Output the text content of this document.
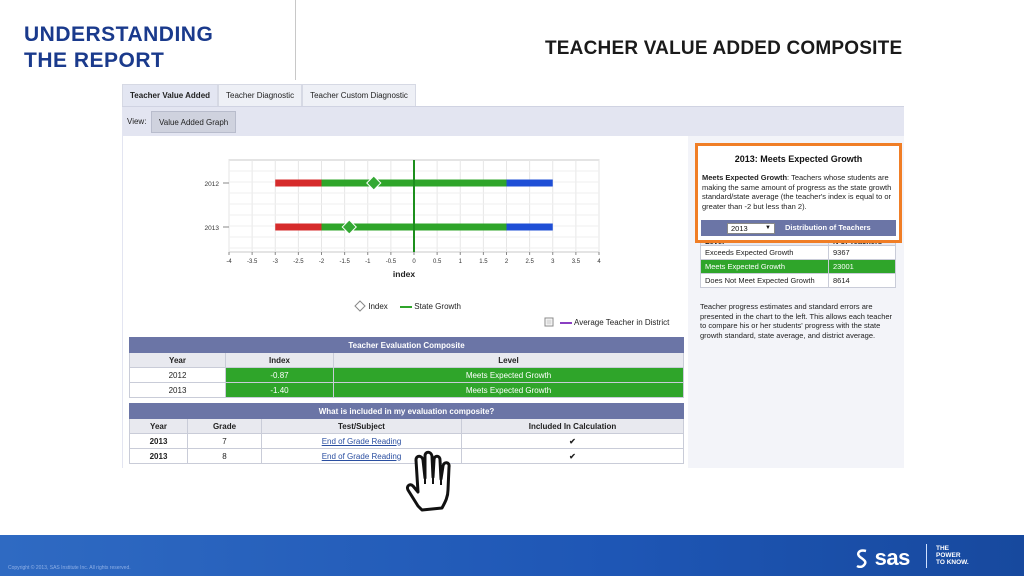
UNDERSTANDING
THE REPORT
TEACHER VALUE ADDED COMPOSITE
Teacher Value Added	Teacher Diagnostic	Teacher Custom Diagnostic
View:	Value Added Graph
-4	-3.5	-3	-2.5	-2	-1.5	-1	-0.5	0	0.5	1	1.5	2	2.5	3	3.5	4
index
2012
2013
Index	State Growth
Average Teacher in District
Teacher Evaluation Composite		
Year	Index	Level
2012	-0.87	Meets Expected Growth
2013	-1.40	Meets Expected Growth
What is included in my evaluation composite?			
Year	Grade	Test/Subject	Included In Calculation
2013	7	End of Grade Reading	✔
2013	8	End of Grade Reading	✔

Exceeds Expected Growth	9367
Meets Expected Growth	23001
Does Not Meet Expected Growth	8614
Teacher progress estimates and standard errors are presented in the chart to the left. This allows each teacher to compare his or her students' progress with the state growth standard, state average, and district average.
2013: Meets Expected Growth
Meets Expected Growth: Teachers whose students are making the same amount of progress as the state growth standard/state average (the teacher's index is equal to or greater than -2 but less than 2).
2013	▼ Distribution of Teachers
Copyright © 2013, SAS Institute Inc. All rights reserved.	sas	THE
POWER
TO KNOW.
